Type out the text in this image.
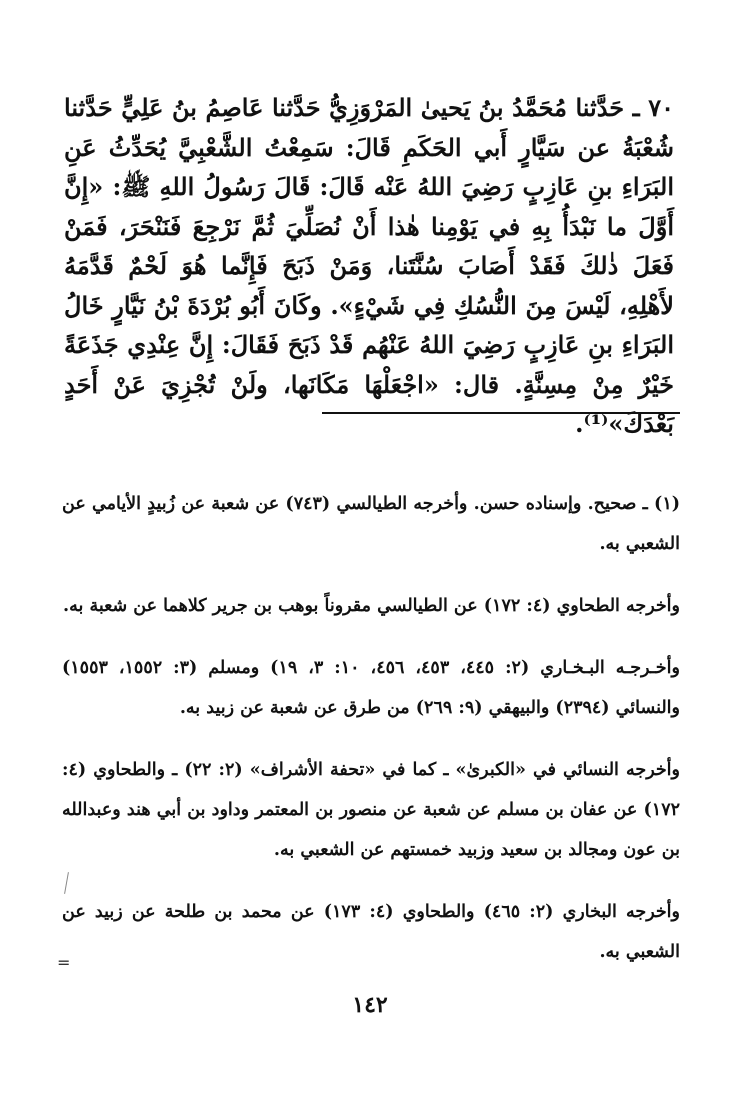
٧٠ ـ حَدَّثنا مُحَمَّدُ بنُ يَحيىٰ المَرْوَزِيُّ حَدَّثنا عَاصِمُ بنُ عَلِيٍّ حَدَّثنا شُعْبَةُ عن سَيَّارٍ أَبي الحَكَمِ قَالَ: سَمِعْتُ الشَّعْبِيَّ يُحَدِّثُ عَنِ البَرَاءِ بنِ عَازِبٍ رَضِيَ اللهُ عَنْه قَالَ: قَالَ رَسُولُ اللهِ ﷺ: «إِنَّ أَوَّلَ ما نَبْدَأُ بِهِ في يَوْمِنا هٰذا أَنْ نُصَلِّيَ ثُمَّ نَرْجِعَ فَنَنْحَرَ، فَمَنْ فَعَلَ ذٰلكَ فَقَدْ أَصَابَ سُنَّتَنا، وَمَنْ ذَبَحَ فَإِنَّما هُوَ لَحْمٌ قَدَّمَهُ لأَهْلِهِ، لَيْسَ مِنَ النُّسُكِ فِي شَيْءٍ». وكَانَ أَبُو بُرْدَةَ بْنُ نَيَّارٍ خَالُ البَرَاءِ بنِ عَازِبٍ رَضِيَ اللهُ عَنْهُم قَدْ ذَبَحَ فَقَالَ: إِنَّ عِنْدِي جَذَعَةً خَيْرٌ مِنْ مِسِنَّةٍ. قال: «اجْعَلْهَا مَكَانَها، ولَنْ تُجْزِيَ عَنْ أَحَدٍ بَعْدَكَ»⁽¹⁾.

(١) ـ صحيح. وإسناده حسن. وأخرجه الطيالسي (٧٤٣) عن شعبة عن زُبيدٍ الأيامي عن الشعبي به.

وأخرجه الطحاوي (٤: ١٧٢) عن الطيالسي مقروناً بوهب بن جرير كلاهما عن شعبة به.

وأخـرجـه البـخـاري (٢: ٤٤٥، ٤٥٣، ٤٥٦، ١٠: ٣، ١٩) ومسلم (٣: ١٥٥٢، ١٥٥٣) والنسائي (٢٣٩٤) والبيهقي (٩: ٢٦٩) من طرق عن شعبة عن زبيد به.

وأخرجه النسائي في «الكبرىٰ» ـ كما في «تحفة الأشراف» (٢: ٢٢) ـ والطحاوي (٤: ١٧٢) عن عفان بن مسلم عن شعبة عن منصور بن المعتمر وداود بن أبي هند وعبدالله بن عون ومجالد بن سعيد وزبيد خمستهم عن الشعبي به.

وأخرجه البخاري (٢: ٤٦٥) والطحاوي (٤: ١٧٣) عن محمد بن طلحة عن زبيد عن الشعبي به.

=
١٤٢
